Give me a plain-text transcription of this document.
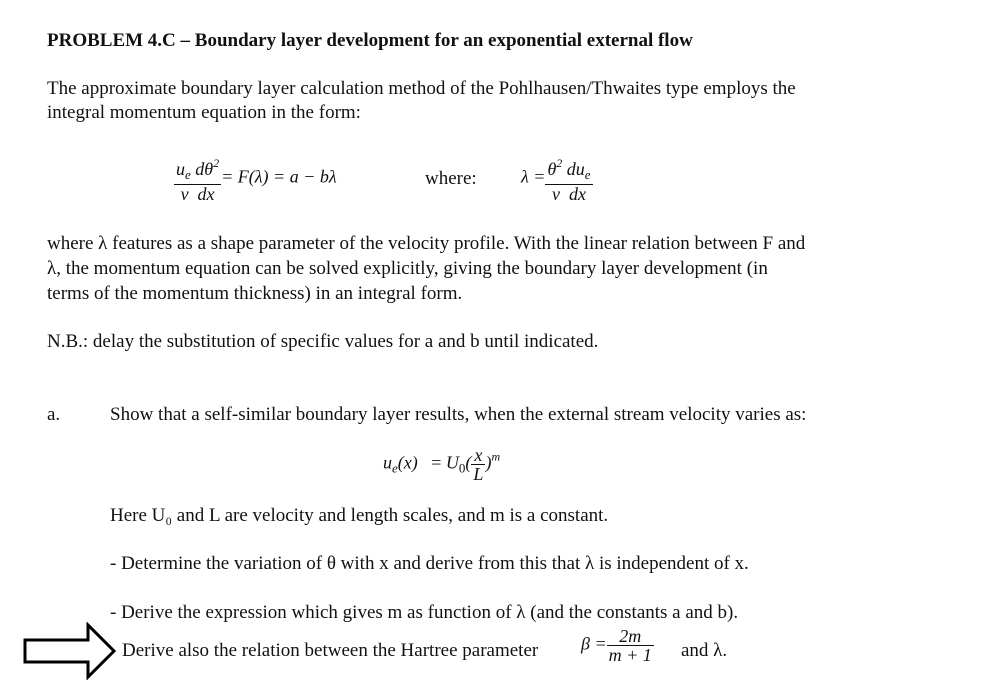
PROBLEM 4.C – Boundary layer development for an exponential external flow
The approximate boundary layer calculation method of the Pohlhausen/Thwaites type employs the
integral momentum equation in the form:
$\frac{u_e d\theta^2}{\text{ν  dx}} = F(\lambda) = a - b\lambda$	where: $\lambda = \frac{\theta^2 du_e}{\text{ν  dx}}$
where λ features as a shape parameter of the velocity profile. With the linear relation between F and
λ, the momentum equation can be solved explicitly, giving the boundary layer development (in
terms of the momentum thickness) in an integral form.
N.B.: delay the substitution of specific values for a and b until indicated.
a.	Show that a self-similar boundary layer results, when the external stream velocity varies as:
$u_e(x) = U_0( \frac{x}{L} )^m$
Here U₀ and L are velocity and length scales, and m is a constant.
- Determine the variation of θ with x and derive from this that λ is independent of x.
- Derive the expression which gives m as function of λ (and the constants a and b).
Derive also the relation between the Hartree parameter $\beta = \frac{2m}{m + 1}$ and λ.
